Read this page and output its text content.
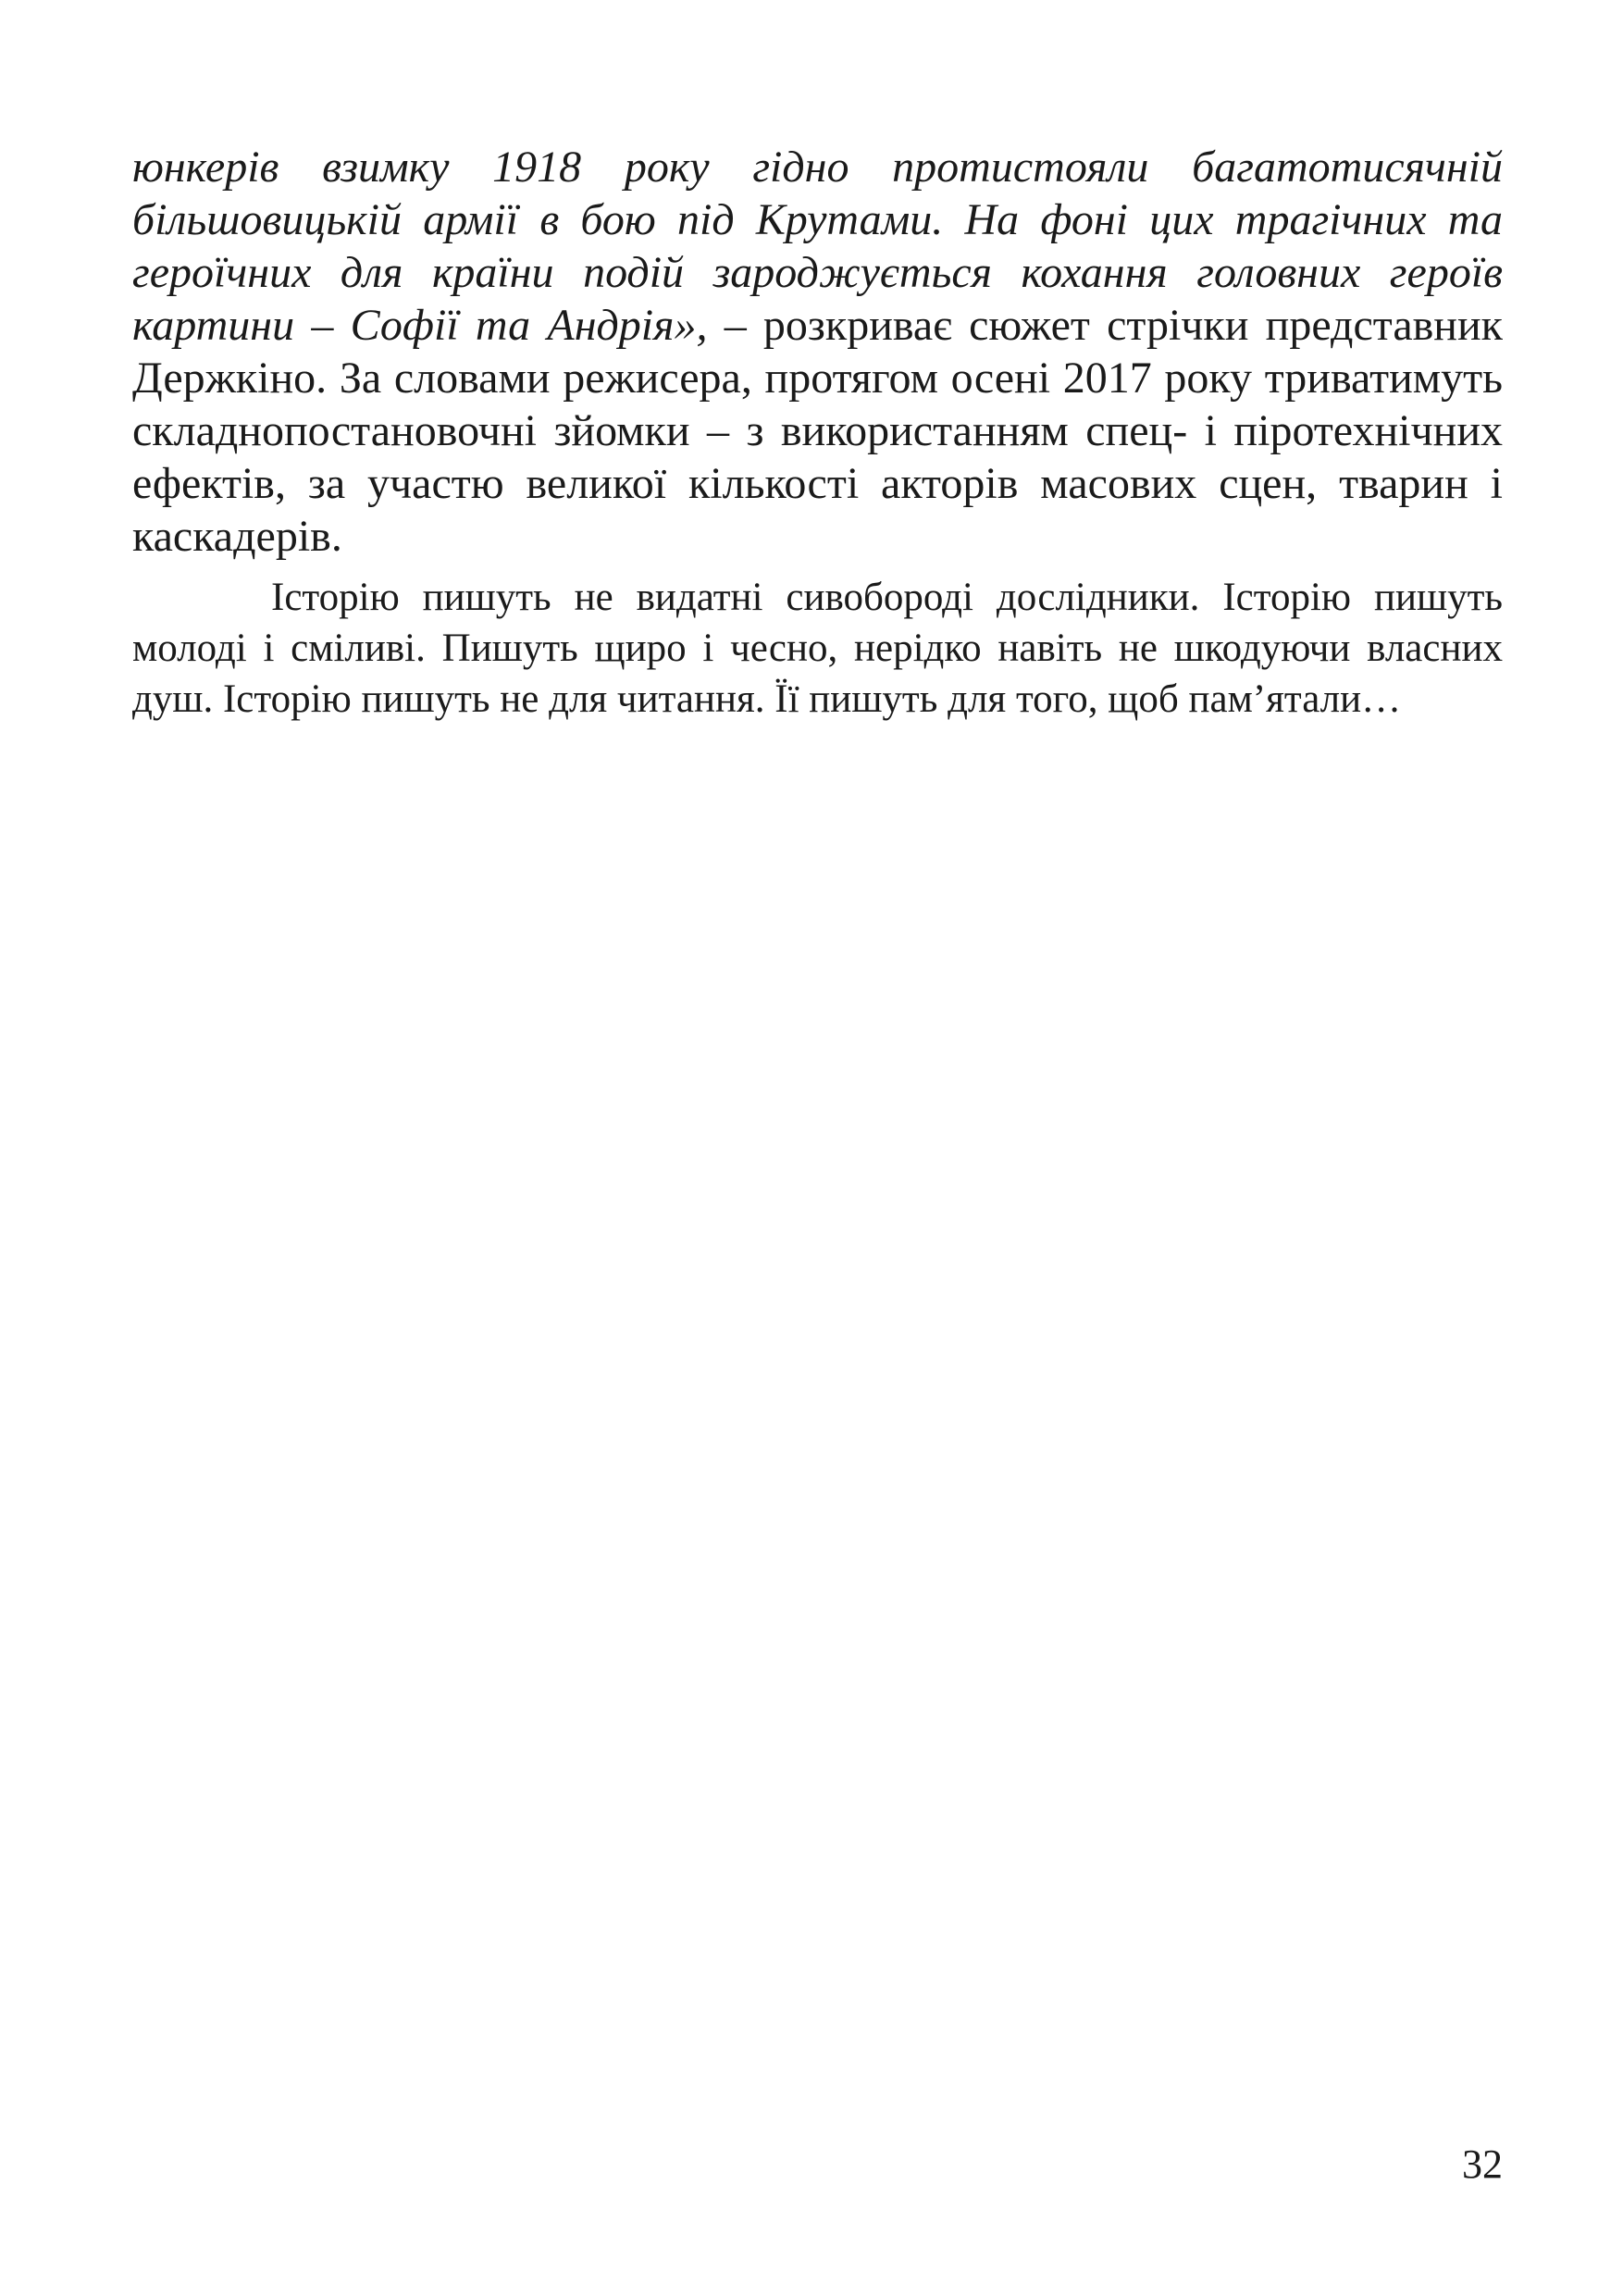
юнкерів взимку 1918 року гідно протистояли багатотисячній більшовицькій армії в бою під Крутами. На фоні цих трагічних та героїчних для країни подій зароджується кохання головних героїв картини – Софії та Андрія», – розкриває сюжет стрічки представник Держкіно. За словами режисера, протягом осені 2017 року триватимуть складнопостановочні зйомки – з використанням спец- і піротехнічних ефектів, за участю великої кількості акторів масових сцен, тварин і каскадерів.

Історію пишуть не видатні сивобороді дослідники. Історію пишуть молоді і сміливі. Пишуть щиро і чесно, нерідко навіть не шкодуючи власних душ. Історію пишуть не для читання. Її пишуть для того, щоб пам’ятали…

32
